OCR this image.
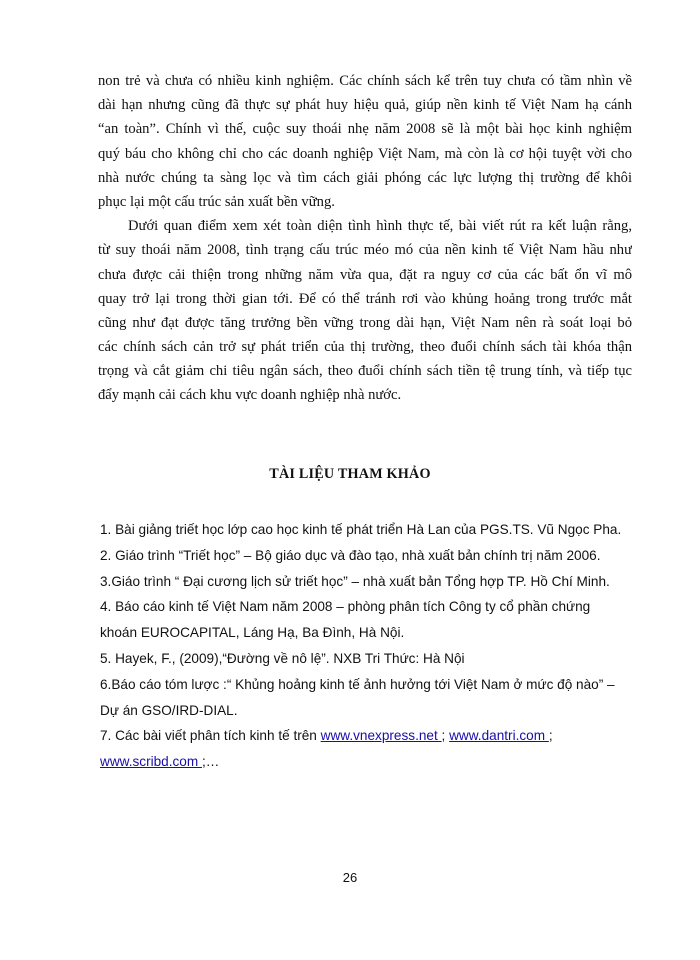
non trẻ và chưa có nhiều kinh nghiệm. Các chính sách kể trên tuy chưa có tầm nhìn về
dài hạn nhưng cũng đã thực sự phát huy hiệu quả, giúp nền kinh tế Việt Nam hạ cánh
“an toàn”. Chính vì thế, cuộc suy thoái nhẹ năm 2008 sẽ là một bài học kinh nghiệm
quý báu cho không chỉ cho các doanh nghiệp Việt Nam, mà còn là cơ hội tuyệt vời cho
nhà nước chúng ta sàng lọc và tìm cách giải phóng các lực lượng thị trường để khôi
phục lại một cấu trúc sản xuất bền vững.
Dưới quan điểm xem xét toàn diện tình hình thực tế, bài viết rút ra kết luận rằng,
từ suy thoái năm 2008, tình trạng cấu trúc méo mó của nền kinh tế Việt Nam hầu như
chưa được cải thiện trong những năm vừa qua, đặt ra nguy cơ của các bất ổn vĩ mô
quay trở lại trong thời gian tới. Để có thể tránh rơi vào khủng hoảng trong trước mắt
cũng như đạt được tăng trưởng bền vững trong dài hạn, Việt Nam nên rà soát loại bỏ
các chính sách cản trở sự phát triển của thị trường, theo đuổi chính sách tài khóa thận
trọng và cắt giảm chi tiêu ngân sách, theo đuổi chính sách tiền tệ trung tính, và tiếp tục
đẩy mạnh cải cách khu vực doanh nghiệp nhà nước.
TÀI LIỆU THAM KHẢO
1. Bài giảng triết học lớp cao học kinh tế phát triển Hà Lan của PGS.TS. Vũ Ngọc Pha.
2. Giáo trình “Triết học” – Bộ giáo dục và đào tạo, nhà xuất bản chính trị năm 2006.
3.Giáo trình “ Đại cương lịch sử triết học” – nhà xuất bản Tổng hợp TP. Hồ Chí Minh.
4. Báo cáo kinh tế Việt Nam năm 2008 – phòng phân tích Công ty cổ phần chứng
khoán EUROCAPITAL, Láng Hạ, Ba Đình, Hà Nội.
5. Hayek, F., (2009),“Đường về nô lệ”. NXB Tri Thức: Hà Nội
6.Báo cáo tóm lược :“ Khủng hoảng kinh tế ảnh hưởng tới Việt Nam ở mức độ nào” –
Dự án GSO/IRD-DIAL.
7. Các bài viết phân tích kinh tế trên www.vnexpress.net ; www.dantri.com ;
www.scribd.com ;…
26
